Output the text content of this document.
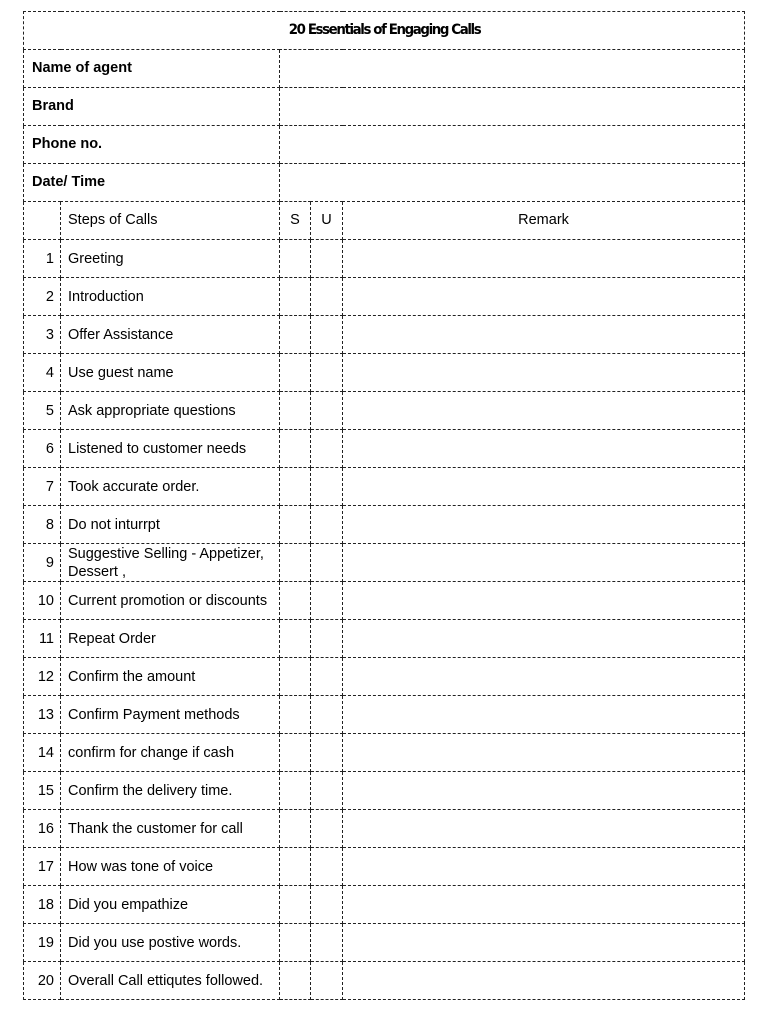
20 Essentials of Engaging Calls				
Name of agent				
Brand				
Phone no.				
Date/ Time				
	Steps of Calls	S	U	Remark

1	Greeting			

2	Introduction			

3	Offer Assistance			

4	Use guest name			

5	Ask appropriate questions			

6	Listened to customer needs			

7	Took accurate order.			

8	Do not inturrpt			

9	Suggestive Selling - Appetizer, Dessert ,			

10	Current promotion or discounts			

11	Repeat Order			

12	Confirm the amount			

13	Confirm Payment methods			

14	confirm for change if cash			

15	Confirm the delivery time.			

16	Thank the customer for call			

17	How was tone of voice			

18	Did you empathize			

19	Did you use postive words.			

20	Overall Call ettiqutes followed.			
